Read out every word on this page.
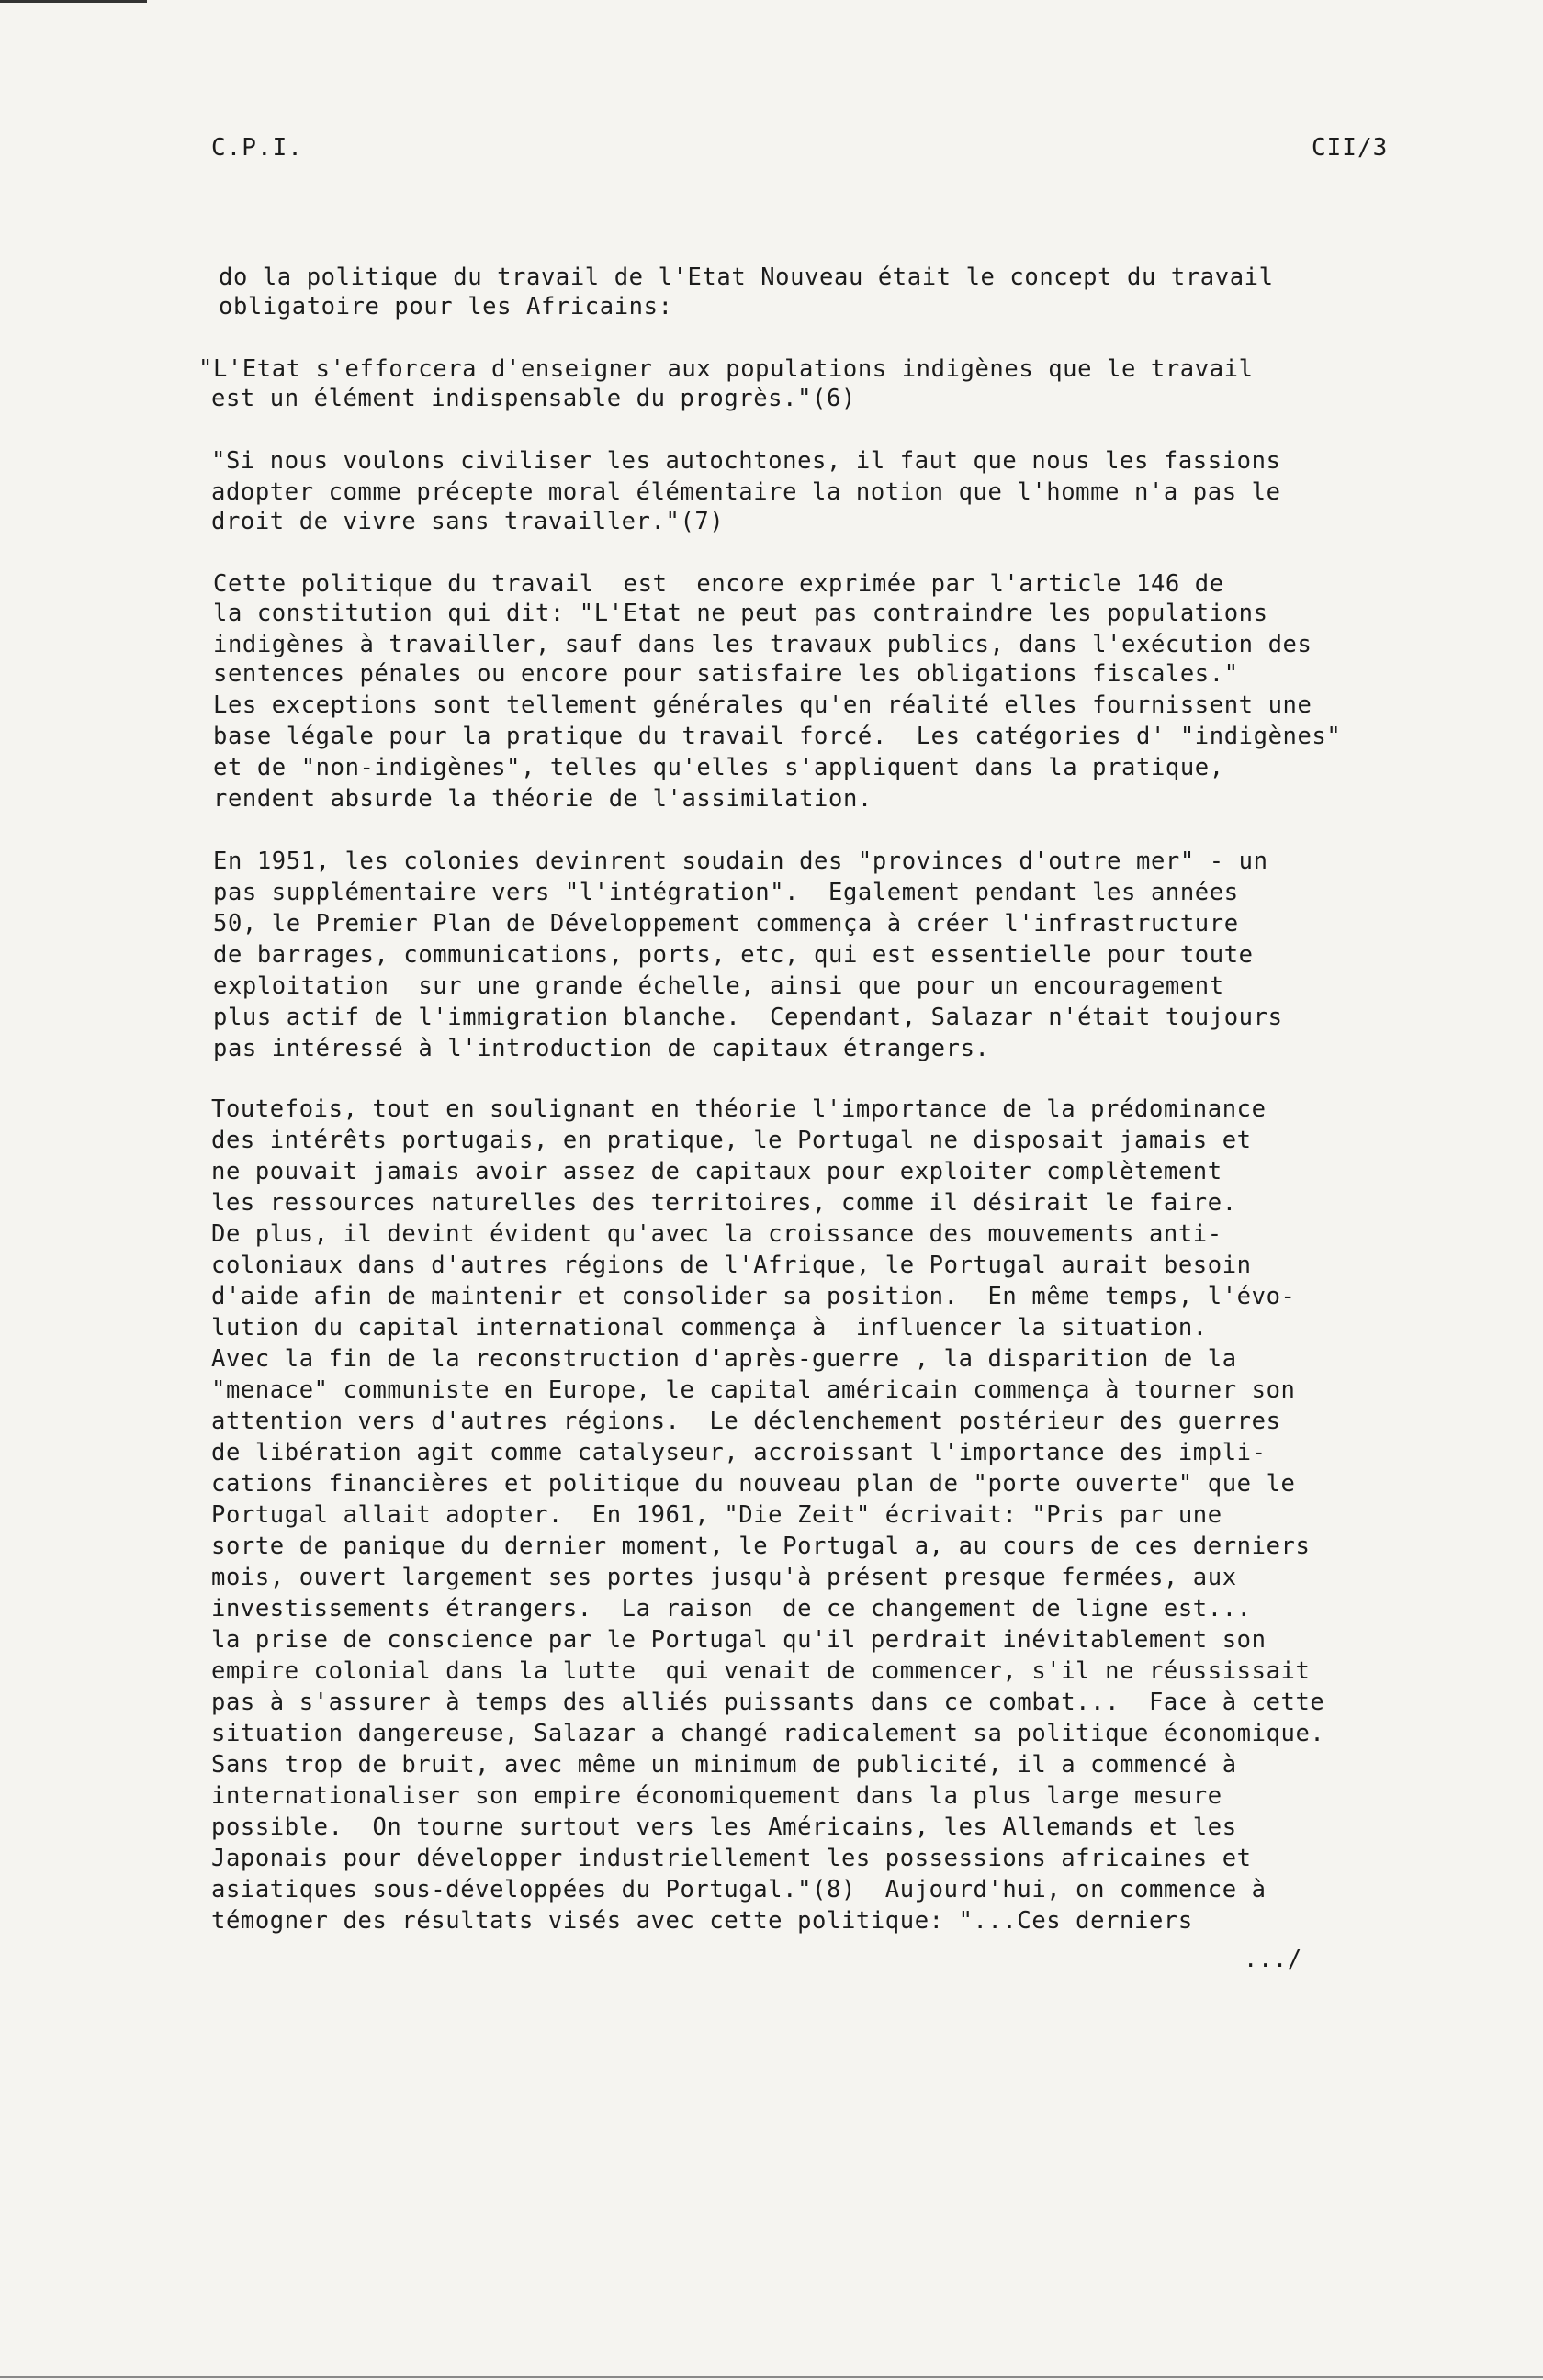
C.P.I.	CII/3
do la politique du travail de l'Etat Nouveau était le concept du travail
obligatoire pour les Africains:
"L'Etat s'efforcera d'enseigner aux populations indigènes que le travail
est un élément indispensable du progrès."(6)
"Si nous voulons civiliser les autochtones, il faut que nous les fassions
adopter comme précepte moral élémentaire la notion que l'homme n'a pas le
droit de vivre sans travailler."(7)
Cette politique du travail  est  encore exprimée par l'article 146 de
la constitution qui dit: "L'Etat ne peut pas contraindre les populations
indigènes à travailler, sauf dans les travaux publics, dans l'exécution des
sentences pénales ou encore pour satisfaire les obligations fiscales."
Les exceptions sont tellement générales qu'en réalité elles fournissent une
base légale pour la pratique du travail forcé.  Les catégories d' "indigènes"
et de "non-indigènes", telles qu'elles s'appliquent dans la pratique,
rendent absurde la théorie de l'assimilation.
En 1951, les colonies devinrent soudain des "provinces d'outre mer" - un
pas supplémentaire vers "l'intégration".  Egalement pendant les années
50, le Premier Plan de Développement commença à créer l'infrastructure
de barrages, communications, ports, etc, qui est essentielle pour toute
exploitation  sur une grande échelle, ainsi que pour un encouragement
plus actif de l'immigration blanche.  Cependant, Salazar n'était toujours
pas intéressé à l'introduction de capitaux étrangers.
Toutefois, tout en soulignant en théorie l'importance de la prédominance
des intérêts portugais, en pratique, le Portugal ne disposait jamais et
ne pouvait jamais avoir assez de capitaux pour exploiter complètement
les ressources naturelles des territoires, comme il désirait le faire.
De plus, il devint évident qu'avec la croissance des mouvements anti-
coloniaux dans d'autres régions de l'Afrique, le Portugal aurait besoin
d'aide afin de maintenir et consolider sa position.  En même temps, l'évo-
lution du capital international commença à  influencer la situation.
Avec la fin de la reconstruction d'après-guerre , la disparition de la
"menace" communiste en Europe, le capital américain commença à tourner son
attention vers d'autres régions.  Le déclenchement postérieur des guerres
de libération agit comme catalyseur, accroissant l'importance des impli-
cations financières et politique du nouveau plan de "porte ouverte" que le
Portugal allait adopter.  En 1961, "Die Zeit" écrivait: "Pris par une
sorte de panique du dernier moment, le Portugal a, au cours de ces derniers
mois, ouvert largement ses portes jusqu'à présent presque fermées, aux
investissements étrangers.  La raison  de ce changement de ligne est...
la prise de conscience par le Portugal qu'il perdrait inévitablement son
empire colonial dans la lutte  qui venait de commencer, s'il ne réussissait
pas à s'assurer à temps des alliés puissants dans ce combat...  Face à cette
situation dangereuse, Salazar a changé radicalement sa politique économique.
Sans trop de bruit, avec même un minimum de publicité, il a commencé à
internationaliser son empire économiquement dans la plus large mesure
possible.  On tourne surtout vers les Américains, les Allemands et les
Japonais pour développer industriellement les possessions africaines et
asiatiques sous-développées du Portugal."(8)  Aujourd'hui, on commence à
témogner des résultats visés avec cette politique: "...Ces derniers
.../
